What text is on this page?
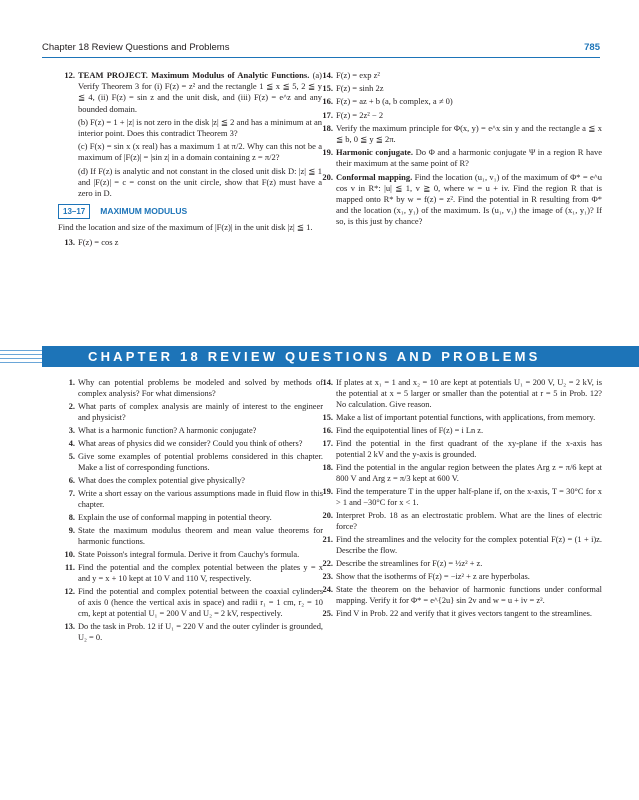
Chapter 18 Review Questions and Problems	785
12. TEAM PROJECT. Maximum Modulus of Analytic Functions. (a) Verify Theorem 3 for (i) F(z) = z² and the rectangle 1 ≦ x ≦ 5, 2 ≦ y ≦ 4, (ii) F(z) = sin z and the unit disk, and (iii) F(z) = e^z and any bounded domain.
(b) F(z) = 1 + |z| is not zero in the disk |z| ≦ 2 and has a minimum at an interior point. Does this contradict Theorem 3?
(c) F(x) = sin x (x real) has a maximum 1 at π/2. Why can this not be a maximum of |F(z)| = |sin z| in a domain containing z = π/2?
(d) If F(z) is analytic and not constant in the closed unit disk D: |z| ≦ 1 and |F(z)| = c = const on the unit circle, show that F(z) must have a zero in D.
13–17	MAXIMUM MODULUS
Find the location and size of the maximum of |F(z)| in the unit disk |z| ≦ 1.
13. F(z) = cos z
14. F(z) = exp z²
15. F(z) = sinh 2z
16. F(z) = az + b (a, b complex, a ≠ 0)
17. F(z) = 2z² − 2
18. Verify the maximum principle for Φ(x, y) = e^x sin y and the rectangle a ≦ x ≦ b, 0 ≦ y ≦ 2π.
19. Harmonic conjugate. Do Φ and a harmonic conjugate Ψ in a region R have their maximum at the same point of R?
20. Conformal mapping. Find the location (u₁, v₁) of the maximum of Φ* = e^u cos v in R*: |u| ≦ 1, v ≧ 0, where w = u + iv. Find the region R that is mapped onto R* by w = f(z) = z². Find the potential in R resulting from Φ* and the location (x₁, y₁) of the maximum. Is (u₁, v₁) the image of (x₁, y₁)? If so, is this just by chance?
CHAPTER 18 REVIEW QUESTIONS AND PROBLEMS
1. Why can potential problems be modeled and solved by methods of complex analysis? For what dimensions?
2. What parts of complex analysis are mainly of interest to the engineer and physicist?
3. What is a harmonic function? A harmonic conjugate?
4. What areas of physics did we consider? Could you think of others?
5. Give some examples of potential problems considered in this chapter. Make a list of corresponding functions.
6. What does the complex potential give physically?
7. Write a short essay on the various assumptions made in fluid flow in this chapter.
8. Explain the use of conformal mapping in potential theory.
9. State the maximum modulus theorem and mean value theorems for harmonic functions.
10. State Poisson's integral formula. Derive it from Cauchy's formula.
11. Find the potential and the complex potential between the plates y = x and y = x + 10 kept at 10 V and 110 V, respectively.
12. Find the potential and complex potential between the coaxial cylinders of axis 0 (hence the vertical axis in space) and radii r₁ = 1 cm, r₂ = 10 cm, kept at potential U₁ = 200 V and U₂ = 2 kV, respectively.
13. Do the task in Prob. 12 if U₁ = 220 V and the outer cylinder is grounded, U₂ = 0.
14. If plates at x₁ = 1 and x₂ = 10 are kept at potentials U₁ = 200 V, U₂ = 2 kV, is the potential at x = 5 larger or smaller than the potential at r = 5 in Prob. 12? No calculation. Give reason.
15. Make a list of important potential functions, with applications, from memory.
16. Find the equipotential lines of F(z) = i Ln z.
17. Find the potential in the first quadrant of the xy-plane if the x-axis has potential 2 kV and the y-axis is grounded.
18. Find the potential in the angular region between the plates Arg z = π/6 kept at 800 V and Arg z = π/3 kept at 600 V.
19. Find the temperature T in the upper half-plane if, on the x-axis, T = 30°C for x > 1 and −30°C for x < 1.
20. Interpret Prob. 18 as an electrostatic problem. What are the lines of electric force?
21. Find the streamlines and the velocity for the complex potential F(z) = (1 + i)z. Describe the flow.
22. Describe the streamlines for F(z) = ½z² + z.
23. Show that the isotherms of F(z) = −iz² + z are hyperbolas.
24. State the theorem on the behavior of harmonic functions under conformal mapping. Verify it for Φ* = e^{2u} sin 2v and w = u + iv = z².
25. Find V in Prob. 22 and verify that it gives vectors tangent to the streamlines.
